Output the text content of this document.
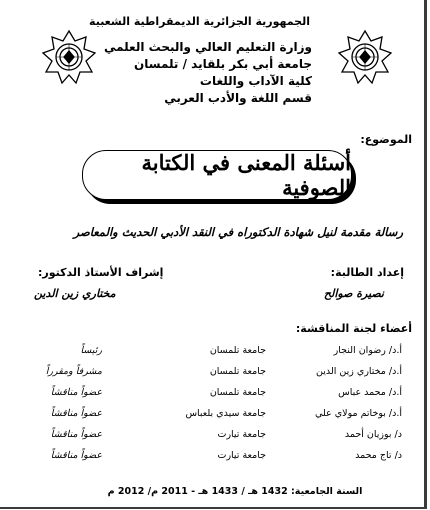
الجمهورية الجزائرية الديمقراطية الشعبية
وزارة التعليم العالي والبحث العلمي
جامعة أبي بكر بلقايد / تلمسان
كلية الآداب واللغات
قسم اللغة والأدب العربي
الموضوع:
أسئلة المعنى في الكتابة الصوفية
رسالة مقدمة لنيل شهادة الدكتوراه في النقد الأدبي الحديث والمعاصر
إعداد الطالبة:
نصيرة صوالح
إشراف الأستاذ الدكتور:
مختاري زين الدين
أعضاء لجنة المناقشة:
أ.د/ رضوان النجار
جامعة تلمسان
رئيساً
أ.د/ مختاري زين الدين
جامعة تلمسان
مشرفاً ومقرراً
أ.د/ محمد عباس
جامعة تلمسان
عضواً مناقشاً
أ.د/ بوخاتم مولاي علي
جامعة سيدي بلعباس
عضواً مناقشاً
د/ بوزيان أحمد
جامعة تيارت
عضواً مناقشاً
د/ تاج محمد
جامعة تيارت
عضواً مناقشاً
السنة الجامعية: 1432 هـ / 1433 هـ - 2011 م/ 2012 م
